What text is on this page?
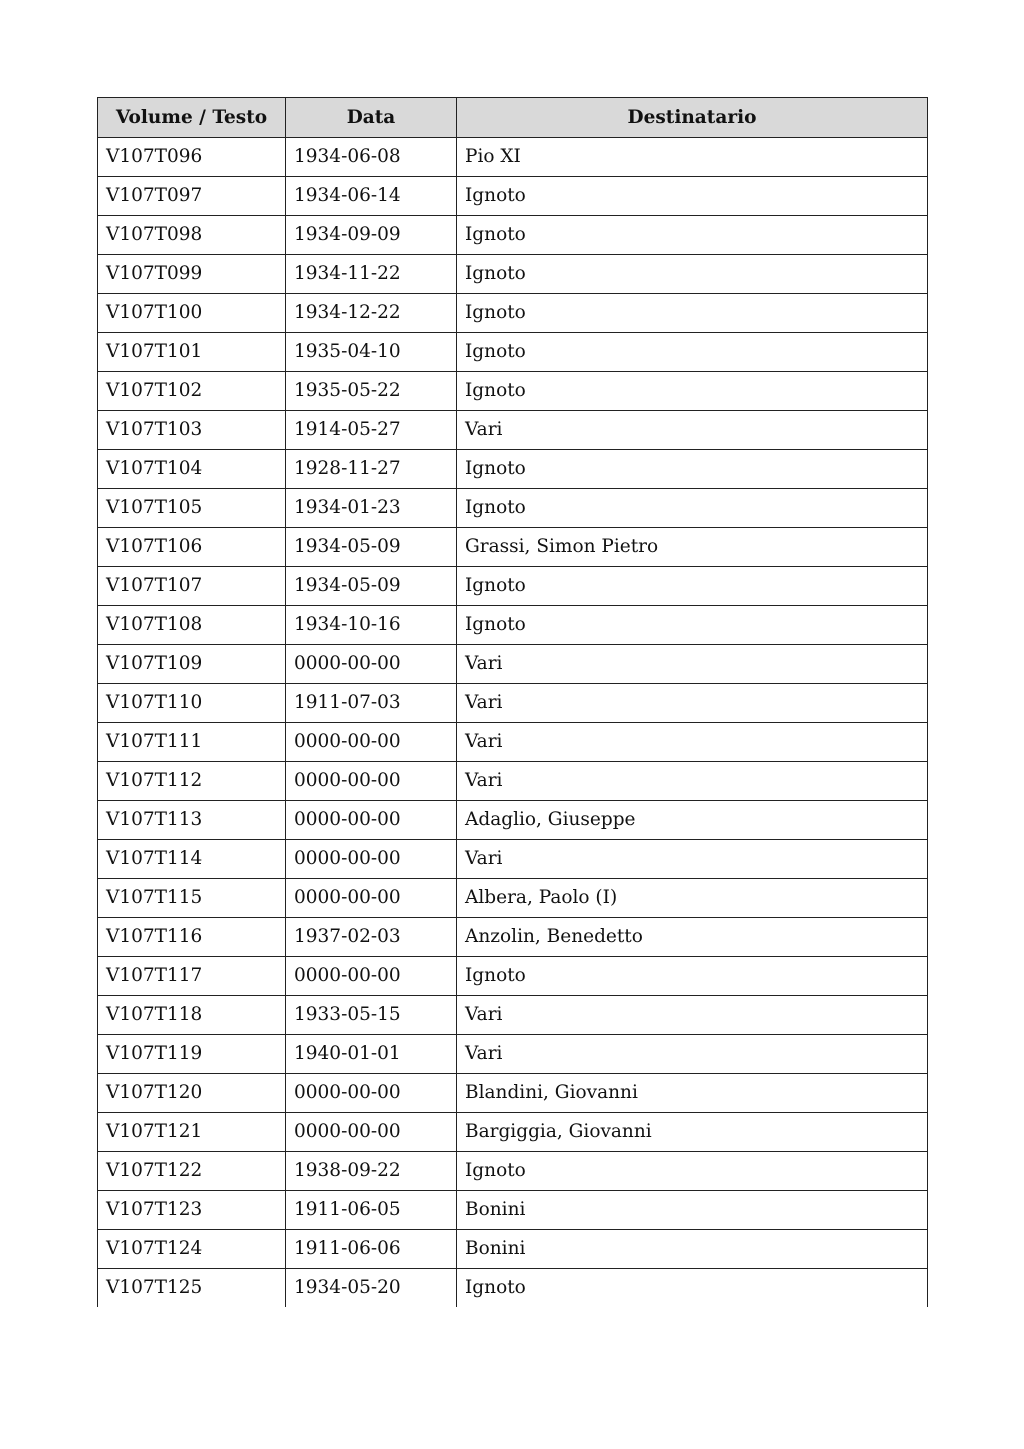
Volume / Testo	Data	Destinatario
V107T096	1934-06-08	Pio XI
V107T097	1934-06-14	Ignoto
V107T098	1934-09-09	Ignoto
V107T099	1934-11-22	Ignoto
V107T100	1934-12-22	Ignoto
V107T101	1935-04-10	Ignoto
V107T102	1935-05-22	Ignoto
V107T103	1914-05-27	Vari
V107T104	1928-11-27	Ignoto
V107T105	1934-01-23	Ignoto
V107T106	1934-05-09	Grassi, Simon Pietro
V107T107	1934-05-09	Ignoto
V107T108	1934-10-16	Ignoto
V107T109	0000-00-00	Vari
V107T110	1911-07-03	Vari
V107T111	0000-00-00	Vari
V107T112	0000-00-00	Vari
V107T113	0000-00-00	Adaglio, Giuseppe
V107T114	0000-00-00	Vari
V107T115	0000-00-00	Albera, Paolo (I)
V107T116	1937-02-03	Anzolin, Benedetto
V107T117	0000-00-00	Ignoto
V107T118	1933-05-15	Vari
V107T119	1940-01-01	Vari
V107T120	0000-00-00	Blandini, Giovanni
V107T121	0000-00-00	Bargiggia, Giovanni
V107T122	1938-09-22	Ignoto
V107T123	1911-06-05	Bonini
V107T124	1911-06-06	Bonini
V107T125	1934-05-20	Ignoto
